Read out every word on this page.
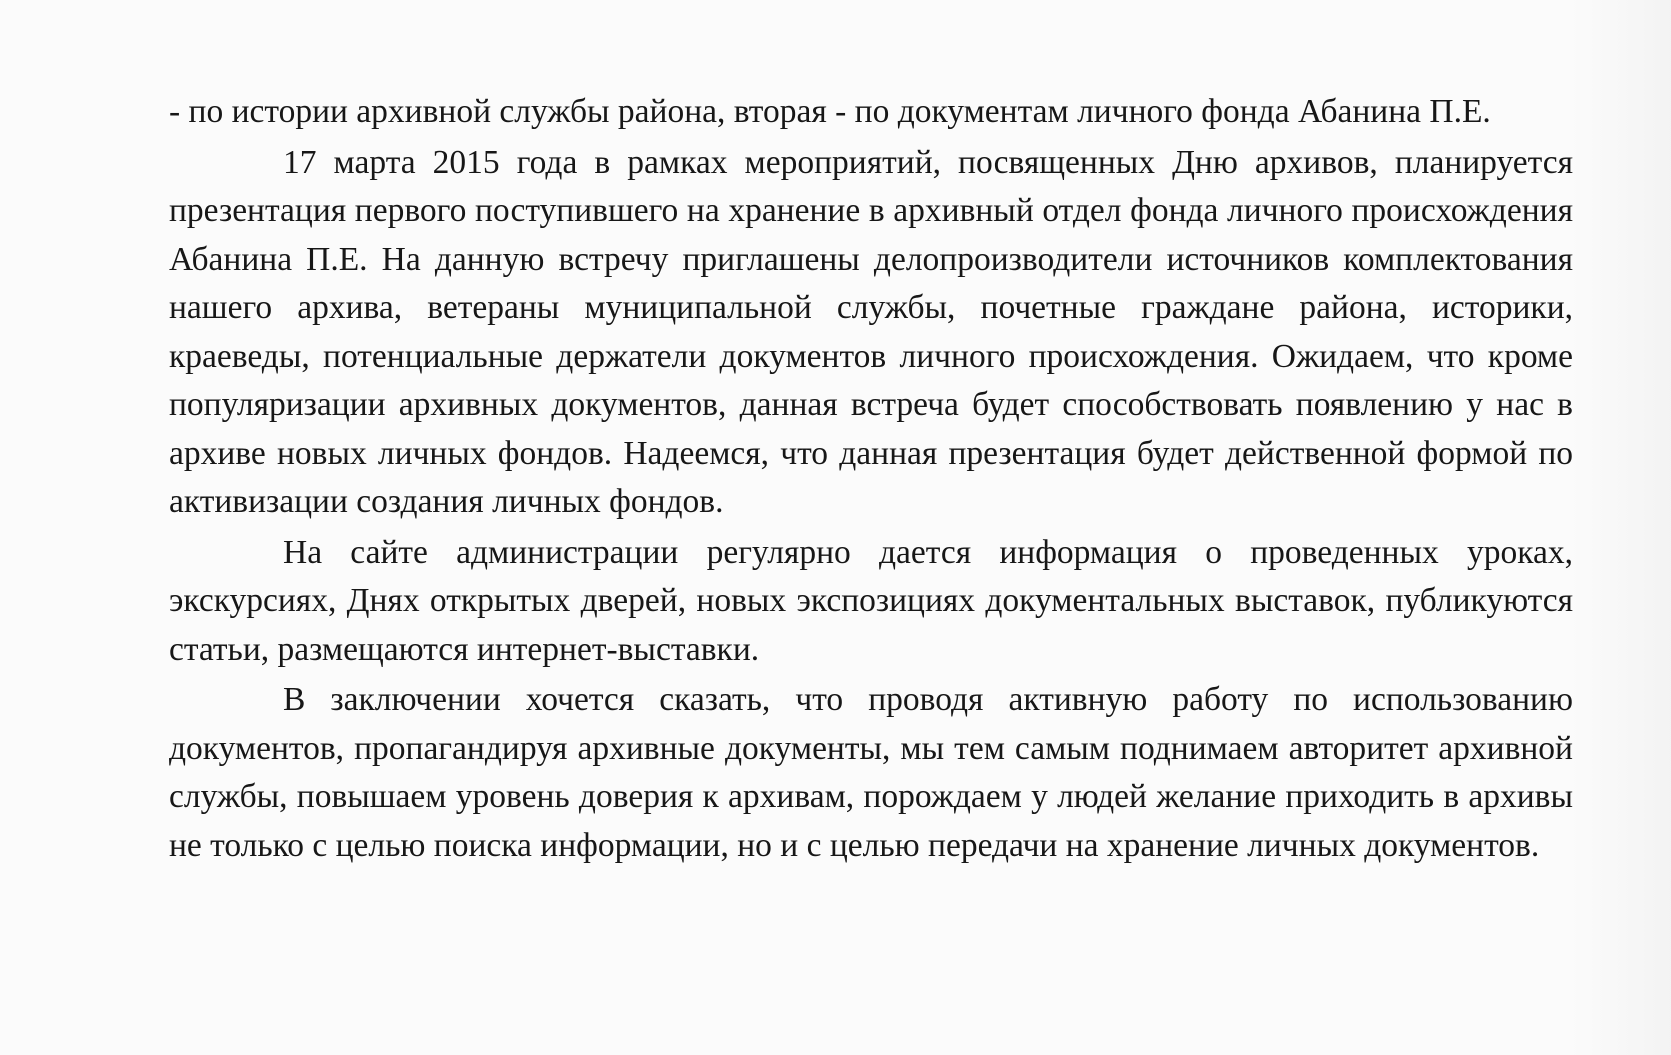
- по истории архивной службы района, вторая - по документам личного фонда Абанина П.Е.

17 марта 2015 года в рамках мероприятий, посвященных Дню архивов, планируется презентация первого поступившего на хранение в архивный отдел фонда личного происхождения Абанина П.Е. На данную встречу приглашены делопроизводители источников комплектования нашего архива, ветераны муниципальной службы, почетные граждане района, историки, краеведы, потенциальные держатели документов личного происхождения. Ожидаем, что кроме популяризации архивных документов, данная встреча будет способствовать появлению у нас в архиве новых личных фондов. Надеемся, что данная презентация будет действенной формой по активизации создания личных фондов.

На сайте администрации регулярно дается информация о проведенных уроках, экскурсиях, Днях открытых дверей, новых экспозициях документальных выставок, публикуются статьи, размещаются интернет-выставки.

В заключении хочется сказать, что проводя активную работу по использованию документов, пропагандируя архивные документы, мы тем самым поднимаем авторитет архивной службы, повышаем уровень доверия к архивам, порождаем у людей желание приходить в архивы не только с целью поиска информации, но и с целью передачи на хранение личных документов.
